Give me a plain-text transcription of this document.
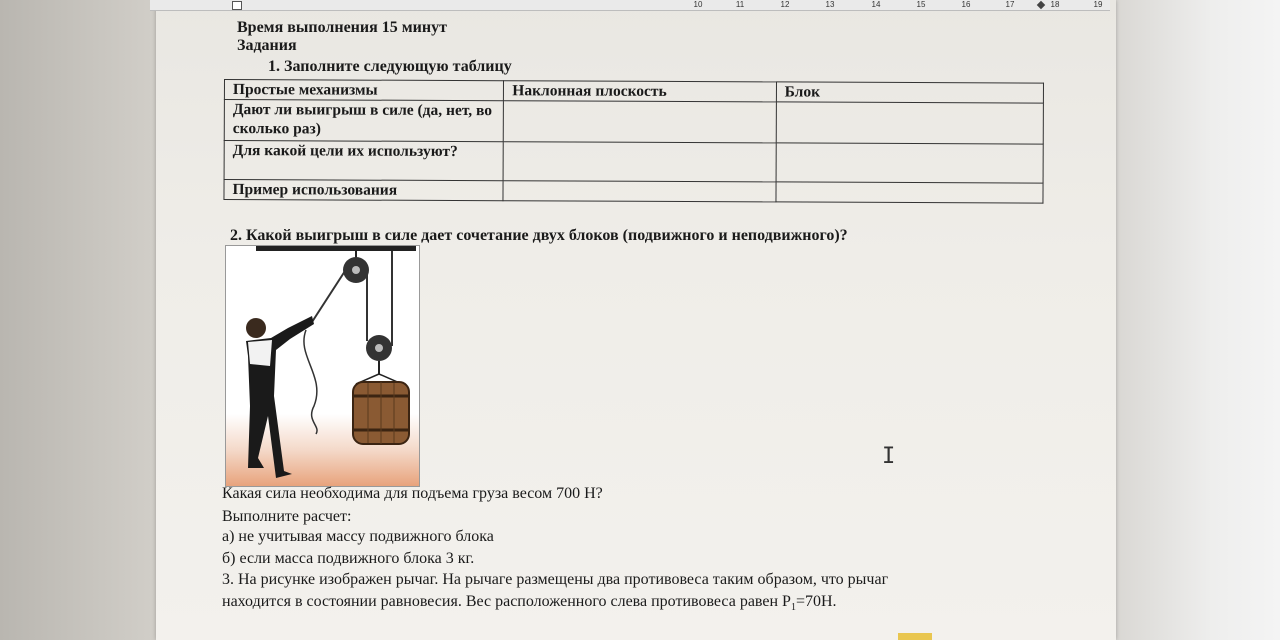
10	11	12	13	14	15	16	17	18	19
Время выполнения 15 минут
Задания
1. Заполните следующую таблицу
Простые механизмы	Наклонная плоскость	Блок
Дают ли выигрыш в силе (да, нет, во сколько раз)		
Для какой цели их используют?		
Пример использования		
2. Какой выигрыш в силе дает сочетание двух блоков (подвижного и неподвижного)?
Какая сила необходима для подъема груза весом 700 Н?
Выполните расчет:
а) не учитывая массу подвижного блока
б) если масса подвижного блока 3 кг.
3. На рисунке изображен рычаг. На рычаге размещены два противовеса таким образом, что рычаг
находится в состоянии равновесия. Вес расположенного слева противовеса равен $P_1=70Н$.
I
